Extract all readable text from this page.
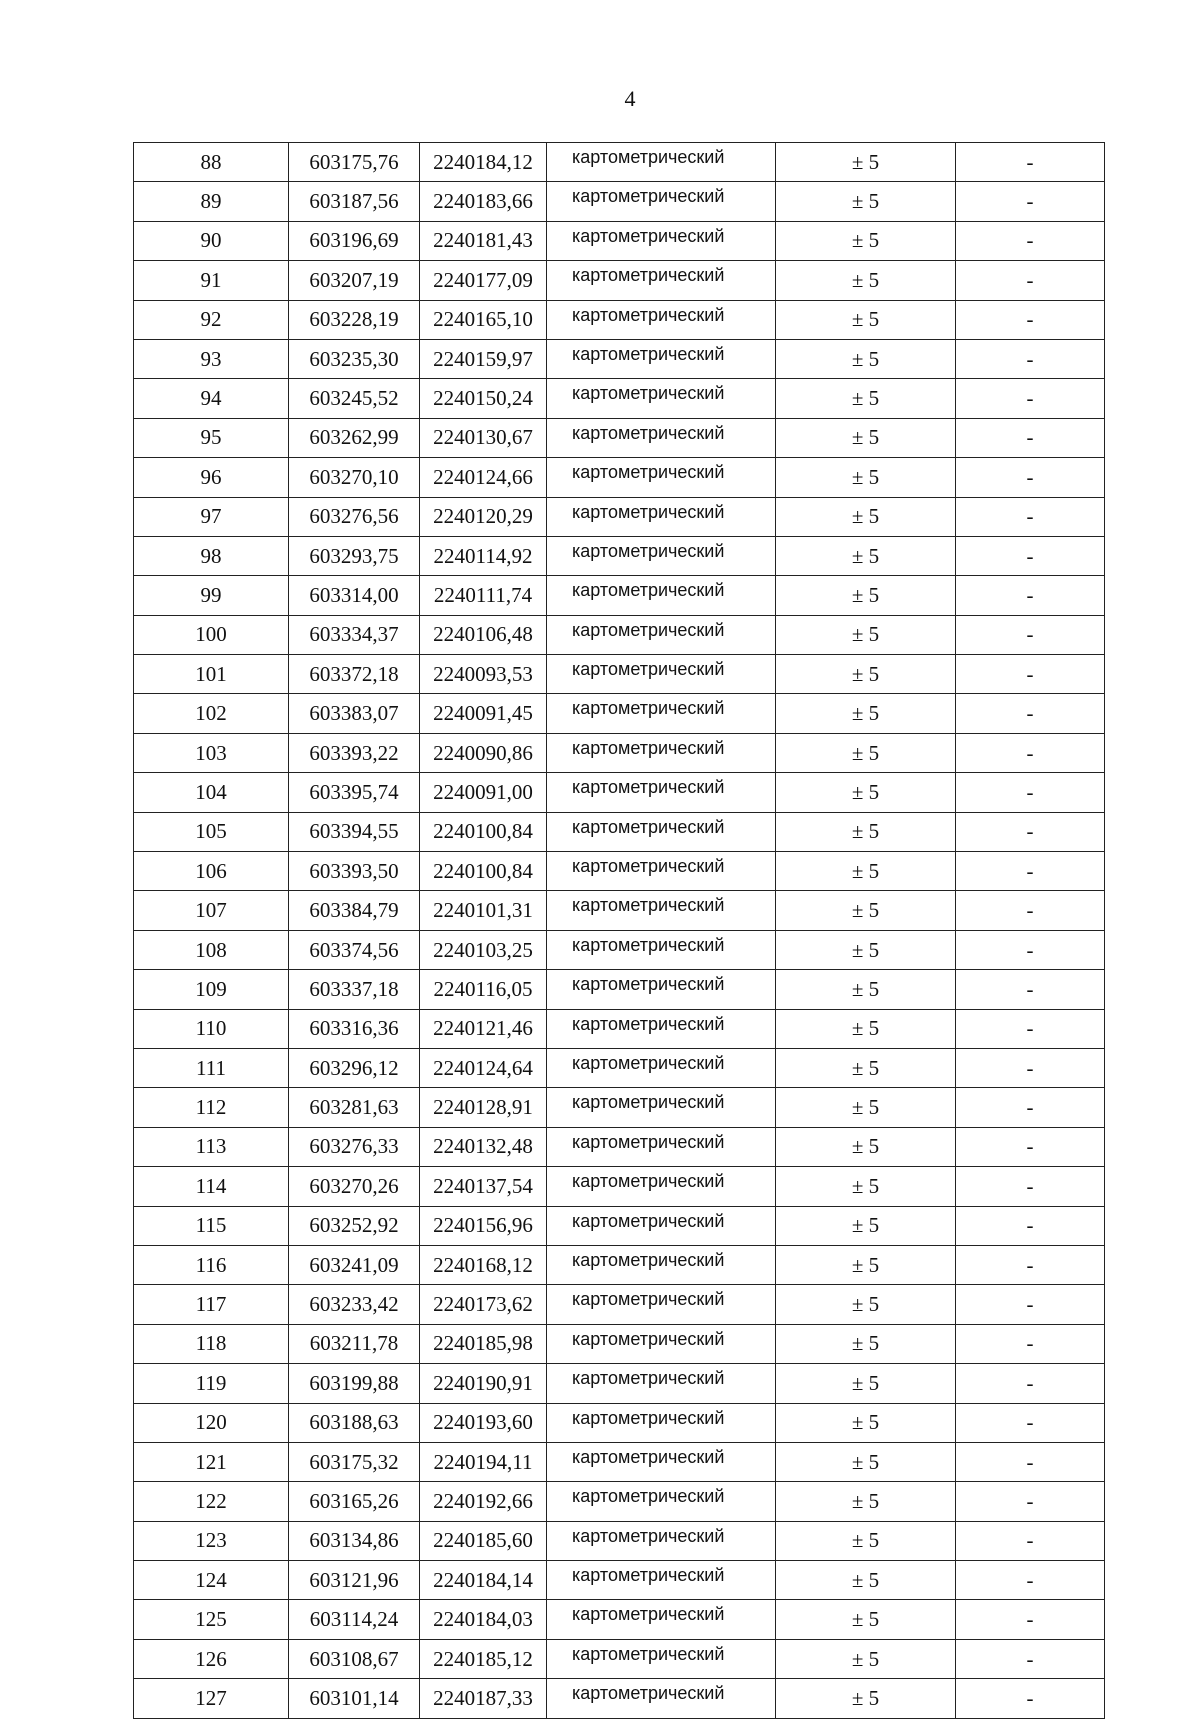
4
88	603175,76	2240184,12	картометрический	± 5	-
89	603187,56	2240183,66	картометрический	± 5	-
90	603196,69	2240181,43	картометрический	± 5	-
91	603207,19	2240177,09	картометрический	± 5	-
92	603228,19	2240165,10	картометрический	± 5	-
93	603235,30	2240159,97	картометрический	± 5	-
94	603245,52	2240150,24	картометрический	± 5	-
95	603262,99	2240130,67	картометрический	± 5	-
96	603270,10	2240124,66	картометрический	± 5	-
97	603276,56	2240120,29	картометрический	± 5	-
98	603293,75	2240114,92	картометрический	± 5	-
99	603314,00	2240111,74	картометрический	± 5	-
100	603334,37	2240106,48	картометрический	± 5	-
101	603372,18	2240093,53	картометрический	± 5	-
102	603383,07	2240091,45	картометрический	± 5	-
103	603393,22	2240090,86	картометрический	± 5	-
104	603395,74	2240091,00	картометрический	± 5	-
105	603394,55	2240100,84	картометрический	± 5	-
106	603393,50	2240100,84	картометрический	± 5	-
107	603384,79	2240101,31	картометрический	± 5	-
108	603374,56	2240103,25	картометрический	± 5	-
109	603337,18	2240116,05	картометрический	± 5	-
110	603316,36	2240121,46	картометрический	± 5	-
111	603296,12	2240124,64	картометрический	± 5	-
112	603281,63	2240128,91	картометрический	± 5	-
113	603276,33	2240132,48	картометрический	± 5	-
114	603270,26	2240137,54	картометрический	± 5	-
115	603252,92	2240156,96	картометрический	± 5	-
116	603241,09	2240168,12	картометрический	± 5	-
117	603233,42	2240173,62	картометрический	± 5	-
118	603211,78	2240185,98	картометрический	± 5	-
119	603199,88	2240190,91	картометрический	± 5	-
120	603188,63	2240193,60	картометрический	± 5	-
121	603175,32	2240194,11	картометрический	± 5	-
122	603165,26	2240192,66	картометрический	± 5	-
123	603134,86	2240185,60	картометрический	± 5	-
124	603121,96	2240184,14	картометрический	± 5	-
125	603114,24	2240184,03	картометрический	± 5	-
126	603108,67	2240185,12	картометрический	± 5	-
127	603101,14	2240187,33	картометрический	± 5	-
